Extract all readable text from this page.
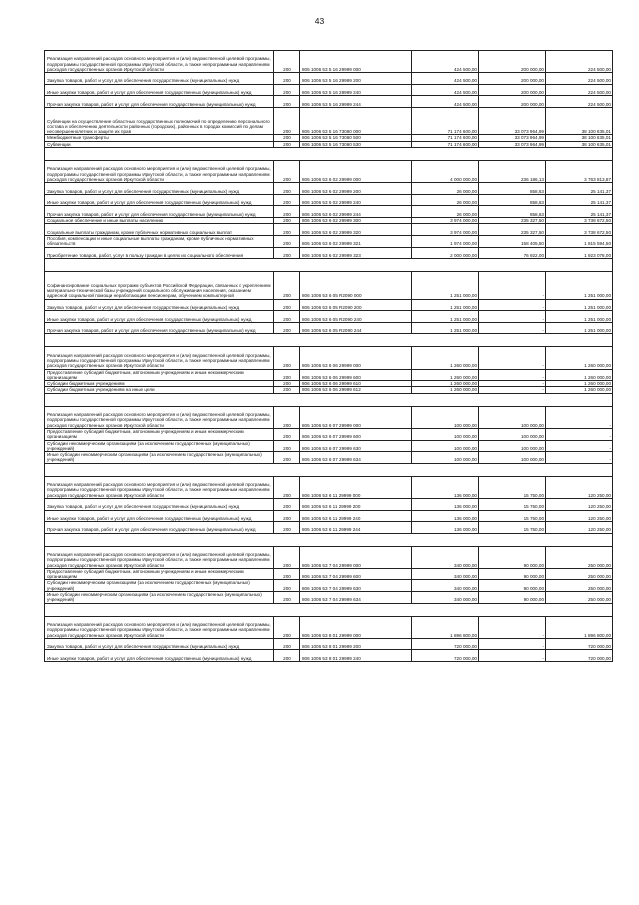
43
Реализация направлений расходов основного мероприятия и (или) ведомственной целевой программы, подпрограммы государственной программы Иркутской области, а также непрограммным направлениям расходов государственных органов Иркутской области	200	806 1006 53 5 16 29999 000	424 500,00	200 000,00	224 500,00
Закупка товаров, работ и услуг для обеспечения государственных (муниципальных) нужд	200	806 1006 53 5 16 29999 200	424 500,00	200 000,00	224 500,00
Иные закупки товаров, работ и услуг для обеспечения государственных (муниципальных) нужд	200	806 1006 53 5 16 29999 240	424 500,00	200 000,00	224 500,00
Прочая закупка товаров, работ и услуг для обеспечения государственных (муниципальных) нужд	200	806 1006 53 5 16 29999 244	424 500,00	200 000,00	224 500,00
Субвенции на осуществление областных государственных полномочий по определению персонального состава и обеспечению деятельности районных (городских), районных в городах комиссий по делам несовершеннолетних и защите их прав	200	806 1006 53 5 16 73060 000	71 174 600,00	33 073 964,99	38 100 635,01
Межбюджетные трансферты	200	806 1006 53 5 16 73060 500	71 174 600,00	33 073 964,99	38 100 635,01
Субвенции	200	806 1006 53 5 16 73060 530	71 174 600,00	33 073 964,99	38 100 635,01

Реализация направлений расходов основного мероприятия и (или) ведомственной целевой программы, подпрограммы государственной программы Иркутской области, а также непрограммным направлениям расходов государственных органов Иркутской области	200	806 1006 53 6 02 29999 000	4 000 000,00	236 186,13	3 763 813,87
Закупка товаров, работ и услуг для обеспечения государственных (муниципальных) нужд	200	806 1006 53 6 02 29999 200	26 000,00	858,63	25 141,37
Иные закупки товаров, работ и услуг для обеспечения государственных (муниципальных) нужд	200	806 1006 53 6 02 29999 240	26 000,00	858,63	25 141,37
Прочая закупка товаров, работ и услуг для обеспечения государственных (муниципальных) нужд	200	806 1006 53 6 02 29999 244	26 000,00	858,63	25 141,37
Социальное обеспечение и иные выплаты населению	200	806 1006 53 6 02 29999 300	3 974 000,00	235 327,50	3 738 672,50
Социальные выплаты гражданам, кроме публичных нормативных социальных выплат	200	806 1006 53 6 02 29999 320	3 974 000,00	235 327,50	3 738 672,50
Пособия, компенсации и иные социальные выплаты гражданам, кроме публичных нормативных обязательств	200	806 1006 53 6 02 29999 321	1 974 000,00	158 405,50	1 815 594,50
Приобретение товаров, работ, услуг в пользу граждан в целях их социального обеспечения	200	806 1006 53 6 02 29999 323	2 000 000,00	76 922,00	1 923 078,00

Софинансирование социальных программ субъектов Российской Федерации, связанных с укреплением материально-технической базы учреждений социального обслуживания населения, оказанием адресной социальной помощи неработающим пенсионерам, обучением компьютерной	200	806 1006 53 6 05 R2090 000	1 251 000,00	-	1 251 000,00
Закупка товаров, работ и услуг для обеспечения государственных (муниципальных) нужд	200	806 1006 53 6 05 R2090 200	1 251 000,00	-	1 251 000,00
Иные закупки товаров, работ и услуг для обеспечения государственных (муниципальных) нужд	200	806 1006 53 6 05 R2090 240	1 251 000,00	-	1 251 000,00
Прочая закупка товаров, работ и услуг для обеспечения государственных (муниципальных) нужд	200	806 1006 53 6 05 R2090 244	1 251 000,00	-	1 251 000,00

Реализация направлений расходов основного мероприятия и (или) ведомственной целевой программы, подпрограммы государственной программы Иркутской области, а также непрограммным направлениям расходов государственных органов Иркутской области	200	806 1006 53 6 06 29999 000	1 260 000,00	-	1 260 000,00
Предоставление субсидий бюджетным, автономным учреждениям и иным некоммерческим организациям	200	806 1006 53 6 06 29999 600	1 260 000,00	-	1 260 000,00
Субсидии бюджетным учреждениям	200	806 1006 53 6 06 29999 610	1 260 000,00	-	1 260 000,00
Субсидии бюджетным учреждениям на иные цели	200	806 1006 53 6 06 29999 612	1 260 000,00	-	1 260 000,00

Реализация направлений расходов основного мероприятия и (или) ведомственной целевой программы, подпрограммы государственной программы Иркутской области, а также непрограммным направлениям расходов государственных органов Иркутской области	200	806 1006 53 6 07 29999 000	100 000,00	100 000,00	-
Предоставление субсидий бюджетным, автономным учреждениям и иным некоммерческим организациям	200	806 1006 53 6 07 29999 600	100 000,00	100 000,00	-
Субсидии некоммерческим организациям (за исключением государственных (муниципальных) учреждений)	200	806 1006 53 6 07 29999 630	100 000,00	100 000,00	-
Иные субсидии некоммерческим организациям (за исключением государственных (муниципальных) учреждений)	200	806 1006 53 6 07 29999 634	100 000,00	100 000,00	-

Реализация направлений расходов основного мероприятия и (или) ведомственной целевой программы, подпрограммы государственной программы Иркутской области, а также непрограммным направлениям расходов государственных органов Иркутской области	200	806 1006 53 6 11 29999 000	136 000,00	15 750,00	120 250,00
Закупка товаров, работ и услуг для обеспечения государственных (муниципальных) нужд	200	806 1006 53 6 11 29999 200	136 000,00	15 750,00	120 250,00
Иные закупки товаров, работ и услуг для обеспечения государственных (муниципальных) нужд	200	806 1006 53 6 11 29999 240	136 000,00	15 750,00	120 250,00
Прочая закупка товаров, работ и услуг для обеспечения государственных (муниципальных) нужд	200	806 1006 53 6 11 29999 244	136 000,00	15 750,00	120 250,00

Реализация направлений расходов основного мероприятия и (или) ведомственной целевой программы, подпрограммы государственной программы Иркутской области, а также непрограммным направлениям расходов государственных органов Иркутской области	200	806 1006 53 7 04 29999 000	340 000,00	90 000,00	250 000,00
Предоставление субсидий бюджетным, автономным учреждениям и иным некоммерческим организациям	200	806 1006 53 7 04 29999 600	340 000,00	90 000,00	250 000,00
Субсидии некоммерческим организациям (за исключением государственных (муниципальных) учреждений)	200	806 1006 53 7 04 29999 630	340 000,00	90 000,00	250 000,00
Иные субсидии некоммерческим организациям (за исключением государственных (муниципальных) учреждений)	200	806 1006 53 7 04 29999 634	340 000,00	90 000,00	250 000,00

Реализация направлений расходов основного мероприятия и (или) ведомственной целевой программы, подпрограммы государственной программы Иркутской области, а также непрограммным направлениям расходов государственных органов Иркутской области	200	806 1006 53 8 01 29999 000	1 896 800,00	-	1 896 800,00
Закупка товаров, работ и услуг для обеспечения государственных (муниципальных) нужд	200	806 1006 53 8 01 29999 200	720 000,00	-	720 000,00
Иные закупки товаров, работ и услуг для обеспечения государственных (муниципальных) нужд	200	806 1006 53 8 01 29999 240	720 000,00	-	720 000,00
